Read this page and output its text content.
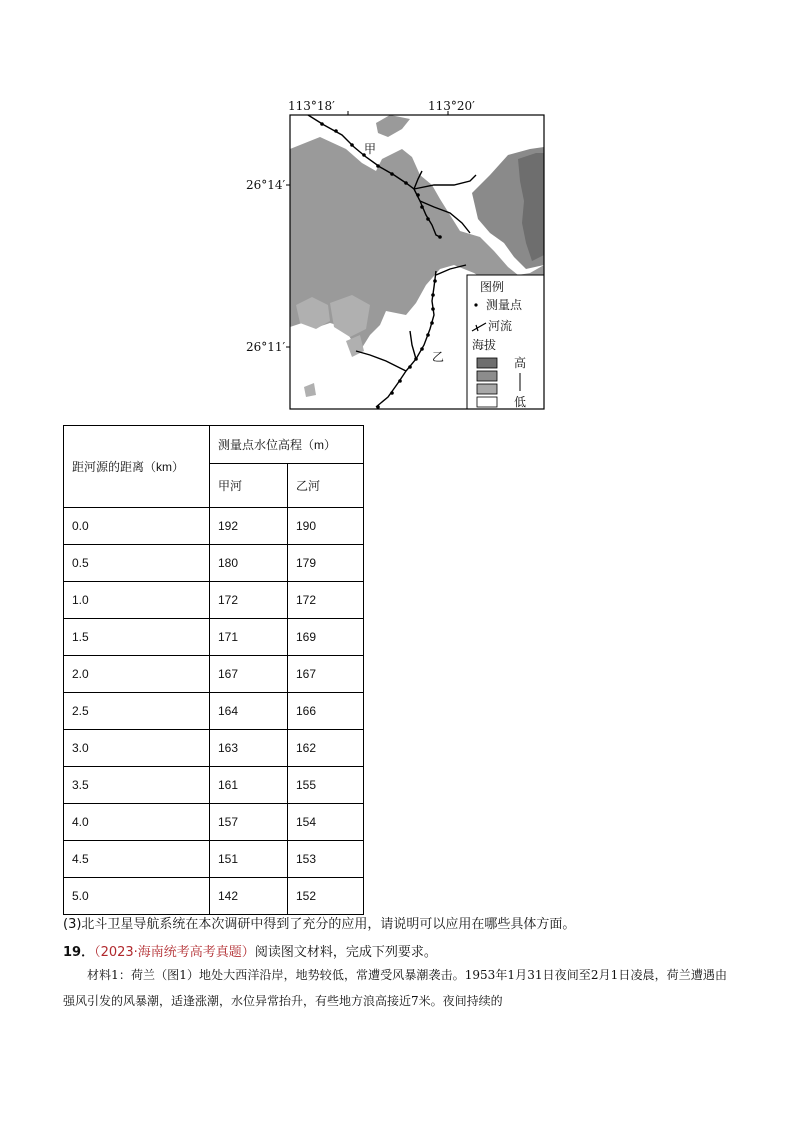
113°18′	113°20′
26°14′
26°11′
甲
乙
图例
测量点
河流
海拔
高
低
距河源的距离（km）	测量点水位高程（m）	
	甲河	乙河
0.0	192	190
0.5	180	179
1.0	172	172
1.5	171	169
2.0	167	167
2.5	164	166
3.0	163	162
3.5	161	155
4.0	157	154
4.5	151	153
5.0	142	152
(3)北斗卫星导航系统在本次调研中得到了充分的应用，请说明可以应用在哪些具体方面。
19．（2023·海南统考高考真题）阅读图文材料，完成下列要求。
材料1：荷兰（图1）地处大西洋沿岸，地势较低，常遭受风暴潮袭击。1953年1月31日夜间至2月1日凌晨，荷兰遭遇由强风引发的风暴潮，适逢涨潮，水位异常抬升，有些地方浪高接近7米。夜间持续的
